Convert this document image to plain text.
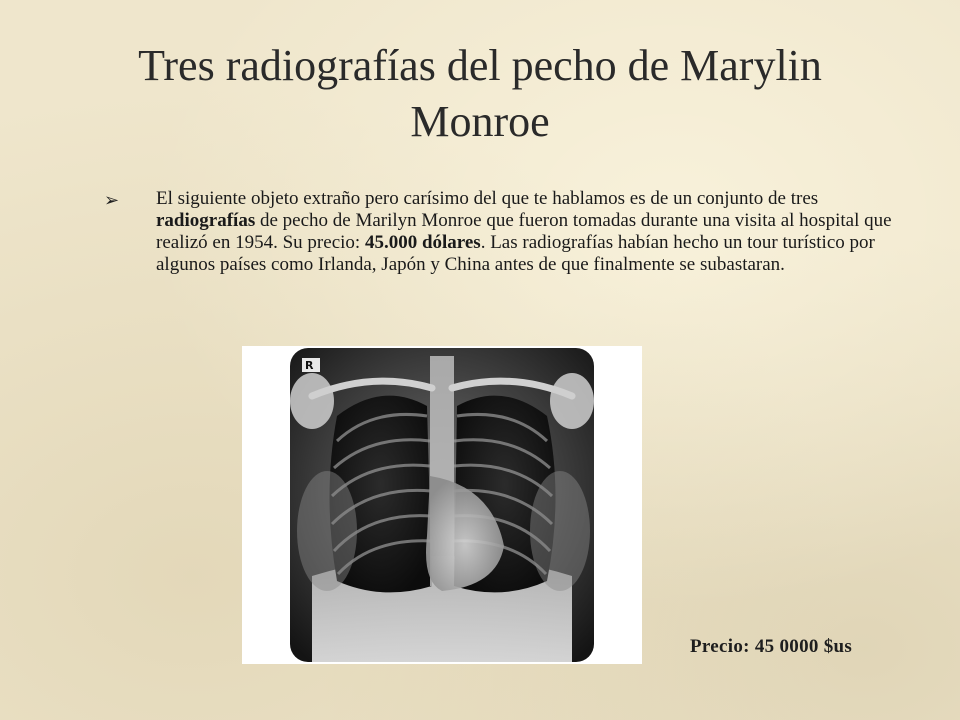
Tres radiografías del pecho de Marylin
Monroe
➢ El siguiente objeto extraño pero carísimo del que te hablamos es de un conjunto de tres radiografías de pecho de Marilyn Monroe que fueron tomadas durante una visita al hospital que realizó en 1954. Su precio: 45.000 dólares. Las radiografías habían hecho un tour turístico por algunos países como Irlanda, Japón y China antes de que finalmente se subastaran.
R
Precio: 45 0000 $us
